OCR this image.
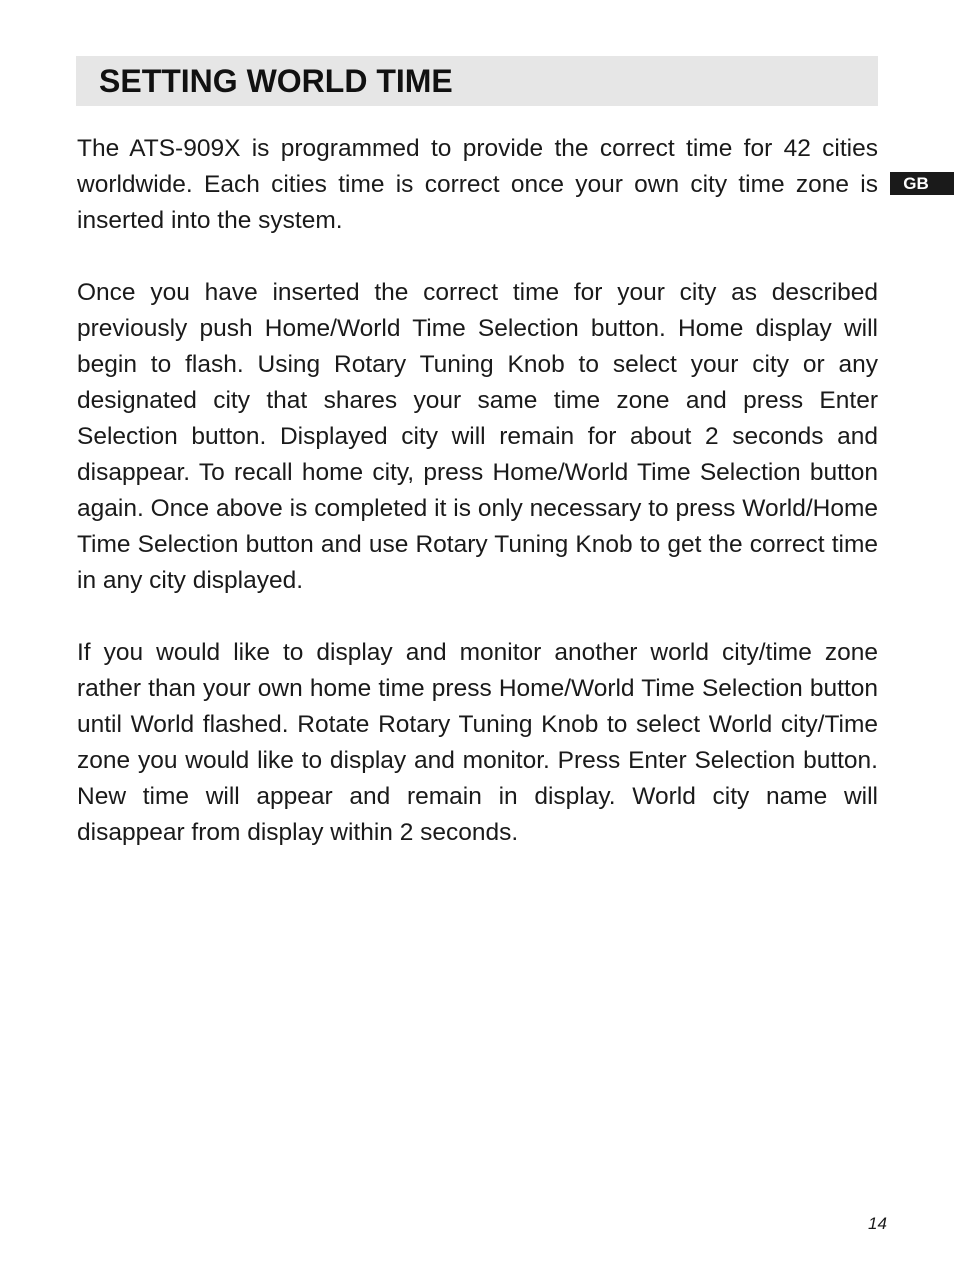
SETTING WORLD TIME
GB

The ATS-909X is programmed to provide the correct time for 42 cities worldwide. Each cities time is correct once your own city time zone is inserted into the system.

Once you have inserted the correct time for your city as described previously push Home/World Time Selection button. Home display will begin to flash. Using Rotary Tuning Knob to select your city or any designated city that shares your same time zone and press Enter Selection button. Displayed city will remain for about 2 seconds and disappear. To recall home city, press Home/World Time Selection button again. Once above is completed it is only necessary to press World/Home Time Selection button and use Rotary Tuning Knob to get the correct time in any city displayed.

If you would like to display and monitor another world city/time zone rather than your own home time press Home/World Time Selection button until World flashed. Rotate Rotary Tuning Knob to select World city/Time zone you would like to display and monitor. Press Enter Selection button. New time will appear and remain in display. World city name will disappear from display within 2 seconds.

14
